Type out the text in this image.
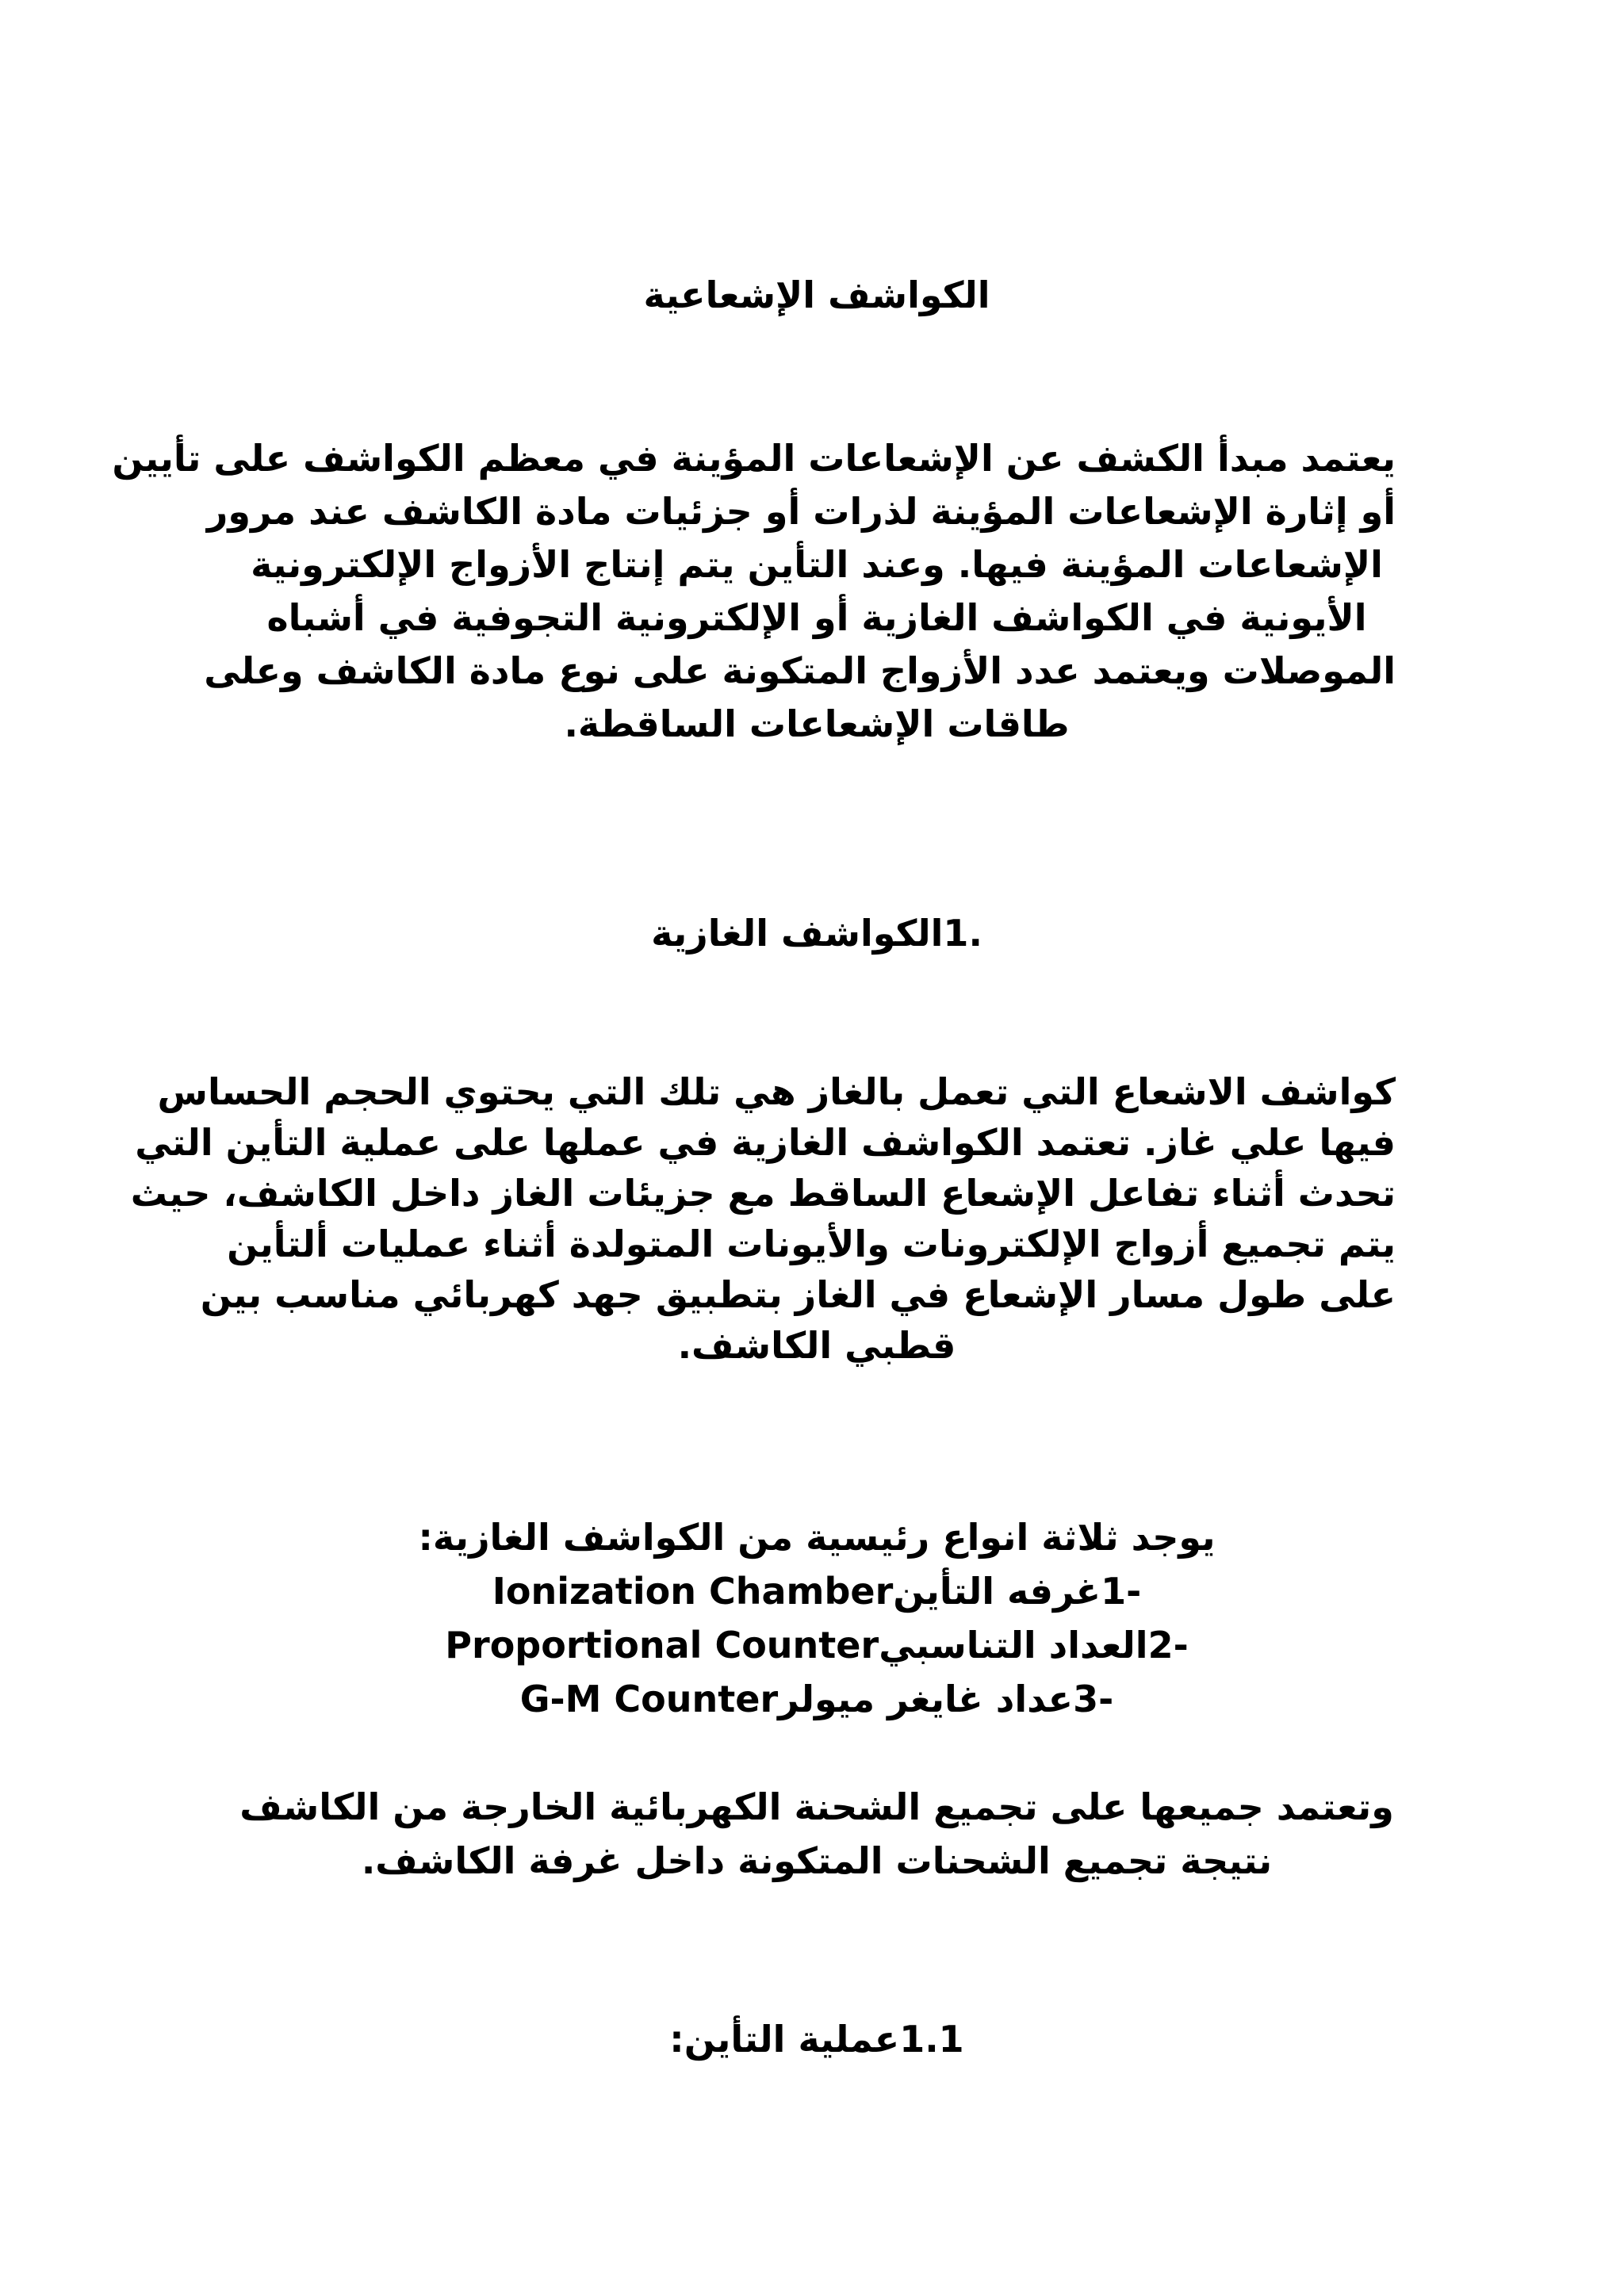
الكواشف الإشعاعية
يعتمد مبدأ الكشف عن الإشعاعات المؤينة في معظم الكواشف على تأيين
أو إثارة الإشعاعات المؤينة لذرات أو جزئيات مادة الكاشف عند مرور
الإشعاعات المؤينة فيها. وعند التأين يتم إنتاج الأزواج الإلكترونية
الأيونية في الكواشف الغازية أو الإلكترونية التجوفية في أشباه
الموصلات ويعتمد عدد الأزواج المتكونة على نوع مادة الكاشف وعلى
طاقات الإشعاعات الساقطة.
.1الكواشف الغازية
كواشف الاشعاع التي تعمل بالغاز هي تلك التي يحتوي الحجم الحساس
فيها علي غاز. تعتمد الكواشف الغازية في عملها على عملية التأين التي
تحدث أثناء تفاعل الإشعاع الساقط مع جزيئات الغاز داخل الكاشف، حيث
يتم تجميع أزواج الإلكترونات والأيونات المتولدة أثناء عمليات ألتأين
على طول مسار الإشعاع في الغاز بتطبيق جهد كهربائي مناسب بين
قطبي الكاشف.
يوجد ثلاثة انواع رئيسية من الكواشف الغازية:
-1غرفه التأينIonization Chamber
-2العداد التناسبيProportional Counter
-3عداد غايغر ميولرG-M Counter
وتعتمد جميعها على تجميع الشحنة الكهربائية الخارجة من الكاشف
نتيجة تجميع الشحنات المتكونة داخل غرفة الكاشف.
1.1عملية التأين:
